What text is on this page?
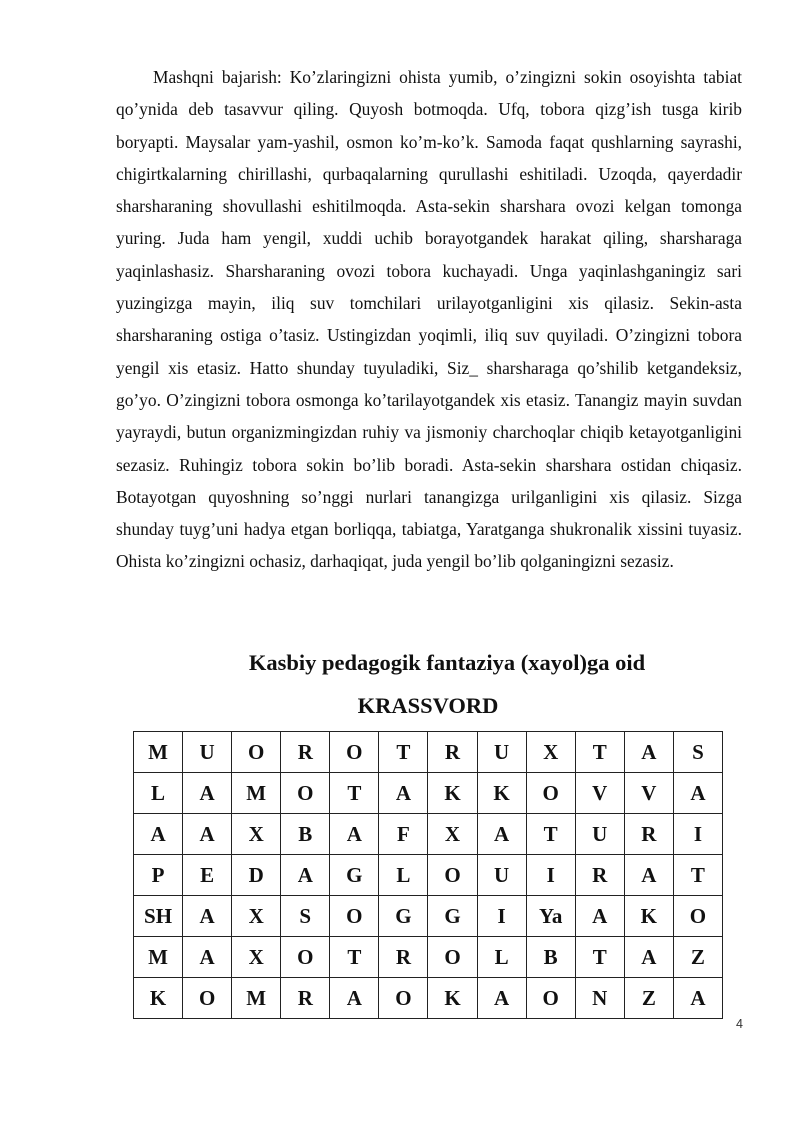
Mashqni bajarish: Ko’zlaringizni ohista yumib, o’zingizni sokin osoyishta tabiat qo’ynida deb tasavvur qiling. Quyosh botmoqda. Ufq, tobora qizg’ish tusga kirib boryapti. Maysalar yam-yashil, osmon ko’m-ko’k. Samoda faqat qushlarning sayrashi, chigirtkalarning chirillashi, qurbaqalarning qurullashi eshitiladi. Uzoqda, qayerdadir sharsharaning shovullashi eshitilmoqda. Asta-sekin sharshara ovozi kelgan tomonga yuring. Juda ham yengil, xuddi uchib borayotgandek harakat qiling, sharsharaga yaqinlashasiz. Sharsharaning ovozi tobora kuchayadi. Unga yaqinlashganingiz sari yuzingizga mayin, iliq suv tomchilari urilayotganligini xis qilasiz. Sekin-asta sharsharaning ostiga o’tasiz. Ustingizdan yoqimli, iliq suv quyiladi. O’zingizni tobora yengil xis etasiz. Hatto shunday tuyuladiki, Siz_ sharsharaga qo’shilib ketgandeksiz, go’yo. O’zingizni tobora osmonga ko’tarilayotgandek xis etasiz. Tanangiz mayin suvdan yayraydi, butun organizmingizdan ruhiy va jismoniy charchoqlar chiqib ketayotganligini sezasiz. Ruhingiz tobora sokin bo’lib boradi. Asta-sekin sharshara ostidan chiqasiz. Botayotgan quyoshning so’nggi nurlari tanangizga urilganligini xis qilasiz. Sizga shunday tuyg’uni hadya etgan borliqqa, tabiatga, Yaratganga shukronalik xissini tuyasiz. Ohista ko’zingizni ochasiz, darhaqiqat, juda yengil bo’lib qolganingizni sezasiz.

Kasbiy pedagogik fantaziya (xayol)ga oid
KRASSVORD
M	U	O	R	O	T	R	U	X	T	A	S
L	A	M	O	T	A	K	K	O	V	V	A
A	A	X	B	A	F	X	A	T	U	R	I
P	E	D	A	G	L	O	U	I	R	A	T
SH	A	X	S	O	G	G	I	Ya	A	K	O
M	A	X	O	T	R	O	L	B	T	A	Z
K	O	M	R	A	O	K	A	O	N	Z	A
4
